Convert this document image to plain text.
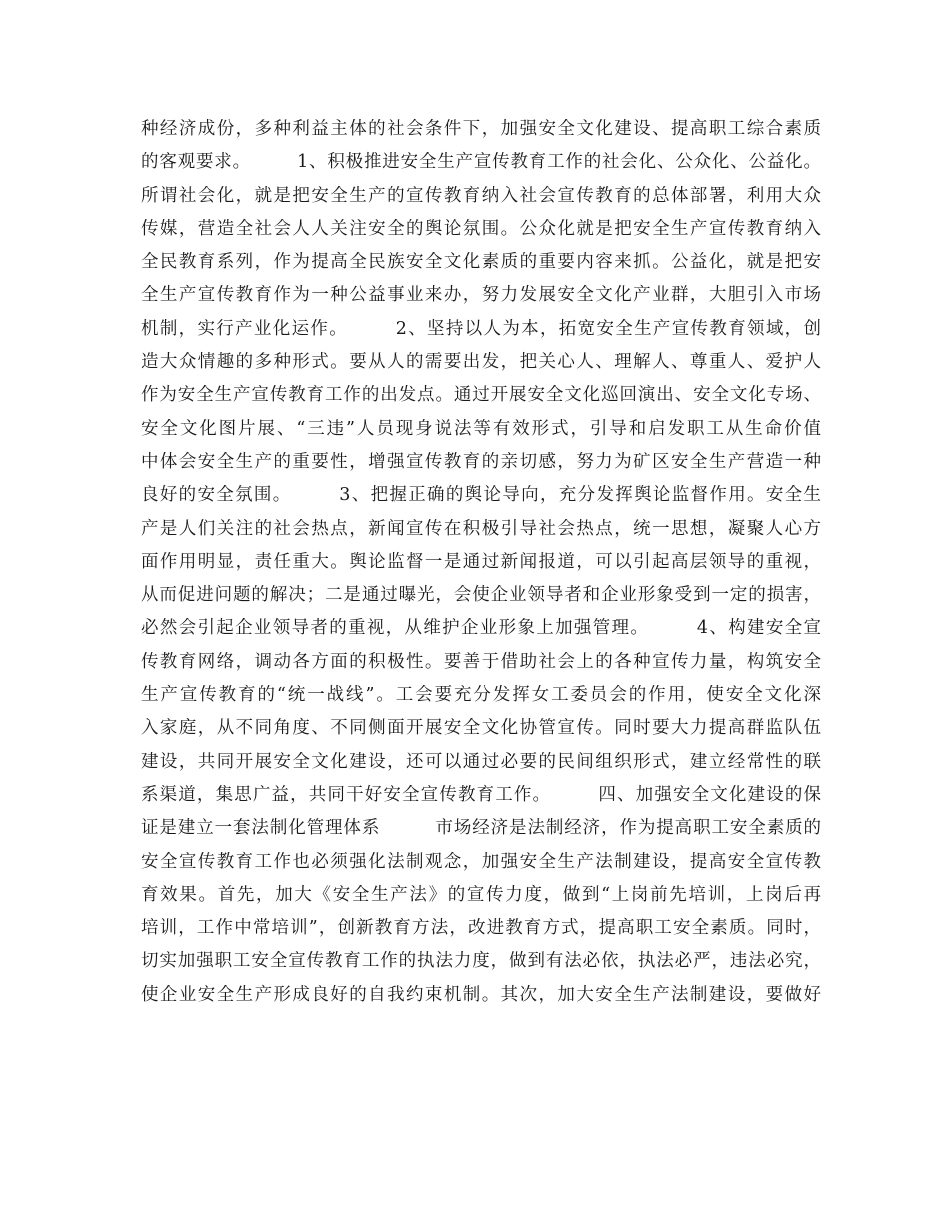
种经济成份，多种利益主体的社会条件下，加强安全文化建设、提高职工综合素质
的客观要求。　　　1、积极推进安全生产宣传教育工作的社会化、公众化、公益化。
所谓社会化，就是把安全生产的宣传教育纳入社会宣传教育的总体部署，利用大众
传媒，营造全社会人人关注安全的舆论氛围。公众化就是把安全生产宣传教育纳入
全民教育系列，作为提高全民族安全文化素质的重要内容来抓。公益化，就是把安
全生产宣传教育作为一种公益事业来办，努力发展安全文化产业群，大胆引入市场
机制，实行产业化运作。　　　2、坚持以人为本，拓宽安全生产宣传教育领域，创
造大众情趣的多种形式。要从人的需要出发，把关心人、理解人、尊重人、爱护人
作为安全生产宣传教育工作的出发点。通过开展安全文化巡回演出、安全文化专场、
安全文化图片展、“三违”人员现身说法等有效形式，引导和启发职工从生命价值
中体会安全生产的重要性，增强宣传教育的亲切感，努力为矿区安全生产营造一种
良好的安全氛围。　　　3、把握正确的舆论导向，充分发挥舆论监督作用。安全生
产是人们关注的社会热点，新闻宣传在积极引导社会热点，统一思想，凝聚人心方
面作用明显，责任重大。舆论监督一是通过新闻报道，可以引起高层领导的重视，
从而促进问题的解决；二是通过曝光，会使企业领导者和企业形象受到一定的损害，
必然会引起企业领导者的重视，从维护企业形象上加强管理。　　　4、构建安全宣
传教育网络，调动各方面的积极性。要善于借助社会上的各种宣传力量，构筑安全
生产宣传教育的“统一战线”。工会要充分发挥女工委员会的作用，使安全文化深
入家庭，从不同角度、不同侧面开展安全文化协管宣传。同时要大力提高群监队伍
建设，共同开展安全文化建设，还可以通过必要的民间组织形式，建立经常性的联
系渠道，集思广益，共同干好安全宣传教育工作。　　　四、加强安全文化建设的保
证是建立一套法制化管理体系　　　市场经济是法制经济，作为提高职工安全素质的
安全宣传教育工作也必须强化法制观念，加强安全生产法制建设，提高安全宣传教
育效果。首先，加大《安全生产法》的宣传力度，做到“上岗前先培训，上岗后再
培训，工作中常培训”，创新教育方法，改进教育方式，提高职工安全素质。同时，
切实加强职工安全宣传教育工作的执法力度，做到有法必依，执法必严，违法必究，
使企业安全生产形成良好的自我约束机制。其次，加大安全生产法制建设，要做好
